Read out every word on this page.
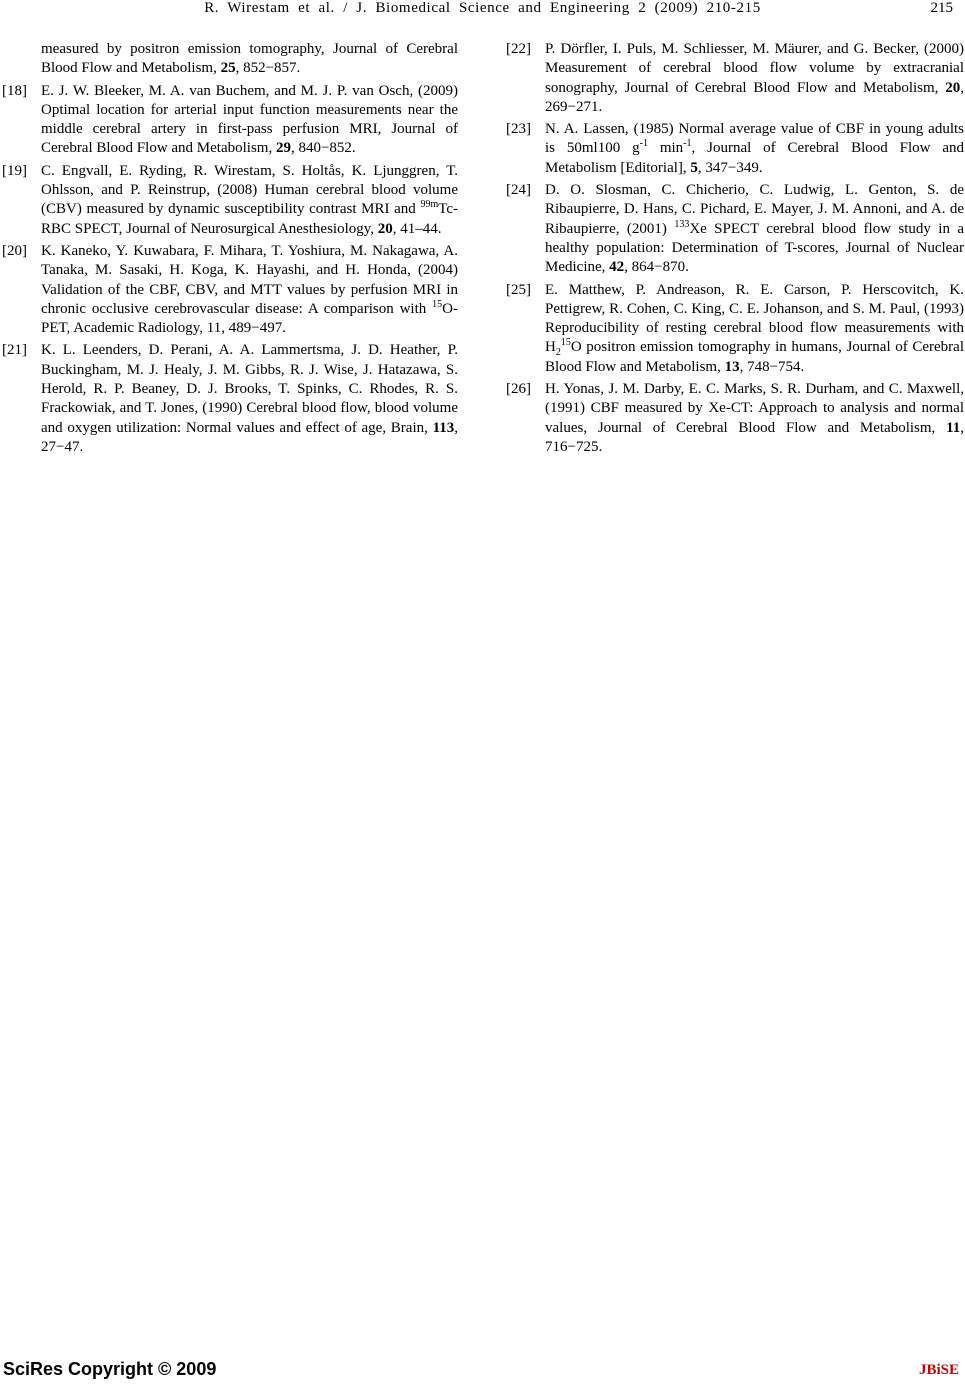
R. Wirestam et al. / J. Biomedical Science and Engineering 2 (2009) 210-215	215
measured by positron emission tomography, Journal of Cerebral Blood Flow and Metabolism, 25, 852−857.
[18] E. J. W. Bleeker, M. A. van Buchem, and M. J. P. van Osch, (2009) Optimal location for arterial input function measurements near the middle cerebral artery in first-pass perfusion MRI, Journal of Cerebral Blood Flow and Metabolism, 29, 840−852.
[19] C. Engvall, E. Ryding, R. Wirestam, S. Holtås, K. Ljunggren, T. Ohlsson, and P. Reinstrup, (2008) Human cerebral blood volume (CBV) measured by dynamic susceptibility contrast MRI and $^{99m}$Tc-RBC SPECT, Journal of Neurosurgical Anesthesiology, 20, 41–44.
[20] K. Kaneko, Y. Kuwabara, F. Mihara, T. Yoshiura, M. Nakagawa, A. Tanaka, M. Sasaki, H. Koga, K. Hayashi, and H. Honda, (2004) Validation of the CBF, CBV, and MTT values by perfusion MRI in chronic occlusive cerebrovascular disease: A comparison with $^{15}$O-PET, Academic Radiology, 11, 489−497.
[21] K. L. Leenders, D. Perani, A. A. Lammertsma, J. D. Heather, P. Buckingham, M. J. Healy, J. M. Gibbs, R. J. Wise, J. Hatazawa, S. Herold, R. P. Beaney, D. J. Brooks, T. Spinks, C. Rhodes, R. S. Frackowiak, and T. Jones, (1990) Cerebral blood flow, blood volume and oxygen utilization: Normal values and effect of age, Brain, 113, 27−47.
[22] P. Dörfler, I. Puls, M. Schliesser, M. Mäurer, and G. Becker, (2000) Measurement of cerebral blood flow volume by extracranial sonography, Journal of Cerebral Blood Flow and Metabolism, 20, 269−271.
[23] N. A. Lassen, (1985) Normal average value of CBF in young adults is 50ml100 $g^{-1}$ $\min^{-1}$, Journal of Cerebral Blood Flow and Metabolism [Editorial], 5, 347−349.
[24] D. O. Slosman, C. Chicherio, C. Ludwig, L. Genton, S. de Ribaupierre, D. Hans, C. Pichard, E. Mayer, J. M. Annoni, and A. de Ribaupierre, (2001) $^{133}$Xe SPECT cerebral blood flow study in a healthy population: Determination of T-scores, Journal of Nuclear Medicine, 42, 864−870.
[25] E. Matthew, P. Andreason, R. E. Carson, P. Herscovitch, K. Pettigrew, R. Cohen, C. King, C. E. Johanson, and S. M. Paul, (1993) Reproducibility of resting cerebral blood flow measurements with $H_2^{15}O$ positron emission tomography in humans, Journal of Cerebral Blood Flow and Metabolism, 13, 748−754.
[26] H. Yonas, J. M. Darby, E. C. Marks, S. R. Durham, and C. Maxwell, (1991) CBF measured by Xe-CT: Approach to analysis and normal values, Journal of Cerebral Blood Flow and Metabolism, 11, 716−725.
SciRes Copyright © 2009	JBiSE
